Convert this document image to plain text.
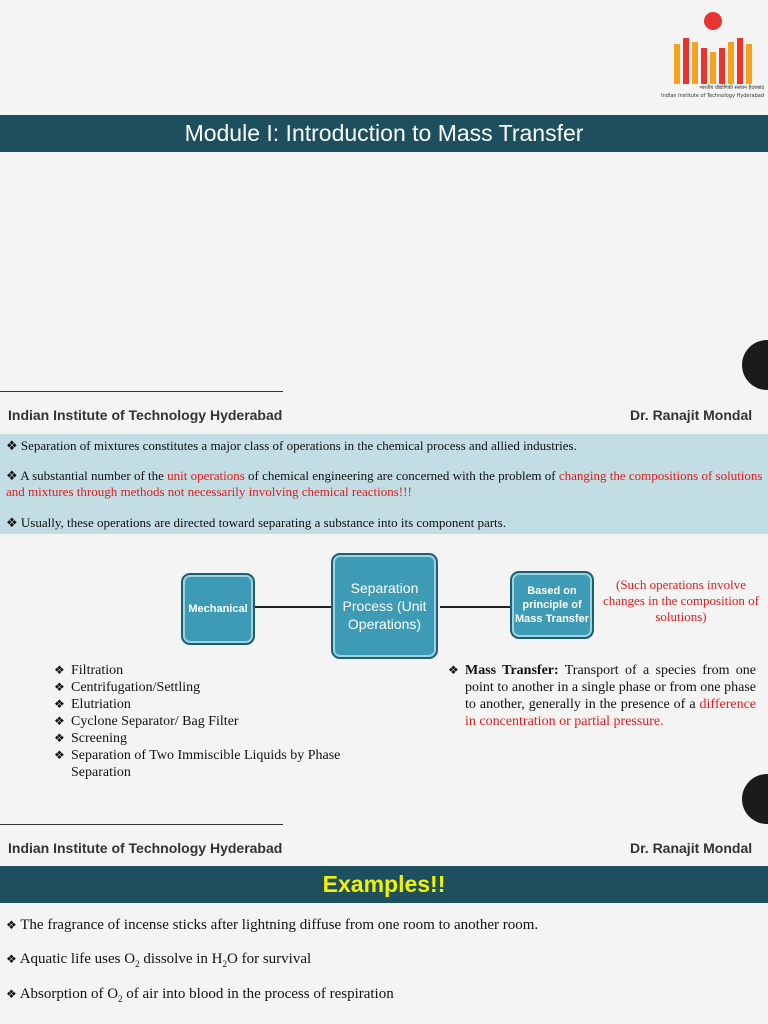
भारतीय प्रौद्योगिकी संस्थान हैदराबाद
Indian Institute of Technology Hyderabad
Module I: Introduction to Mass Transfer
Indian Institute of Technology Hyderabad	Dr. Ranajit Mondal
❖ Separation of mixtures constitutes a major class of operations in the chemical process and allied industries.
❖ A substantial number of the unit operations of chemical engineering are concerned with the problem of changing the compositions of solutions and mixtures through methods not necessarily involving chemical reactions!!!
❖ Usually, these operations are directed toward separating a substance into its component parts.
Mechanical
Separation Process (Unit Operations)
Based on principle of Mass Transfer
(Such operations involve changes in the composition of solutions)
❖ Filtration
❖ Centrifugation/Settling
❖ Elutriation
❖ Cyclone Separator/ Bag Filter
❖ Screening
❖ Separation of Two Immiscible Liquids by Phase Separation
❖ Mass Transfer: Transport of a species from one point to another in a single phase or from one phase to another, generally in the presence of a difference in concentration or partial pressure.
Indian Institute of Technology Hyderabad	Dr. Ranajit Mondal
Examples!!
❖ The fragrance of incense sticks after lightning diffuse from one room to another room.
❖ Aquatic life uses $O_2$ dissolve in $H_2O$ for survival
❖ Absorption of $O_2$ of air into blood in the process of respiration
